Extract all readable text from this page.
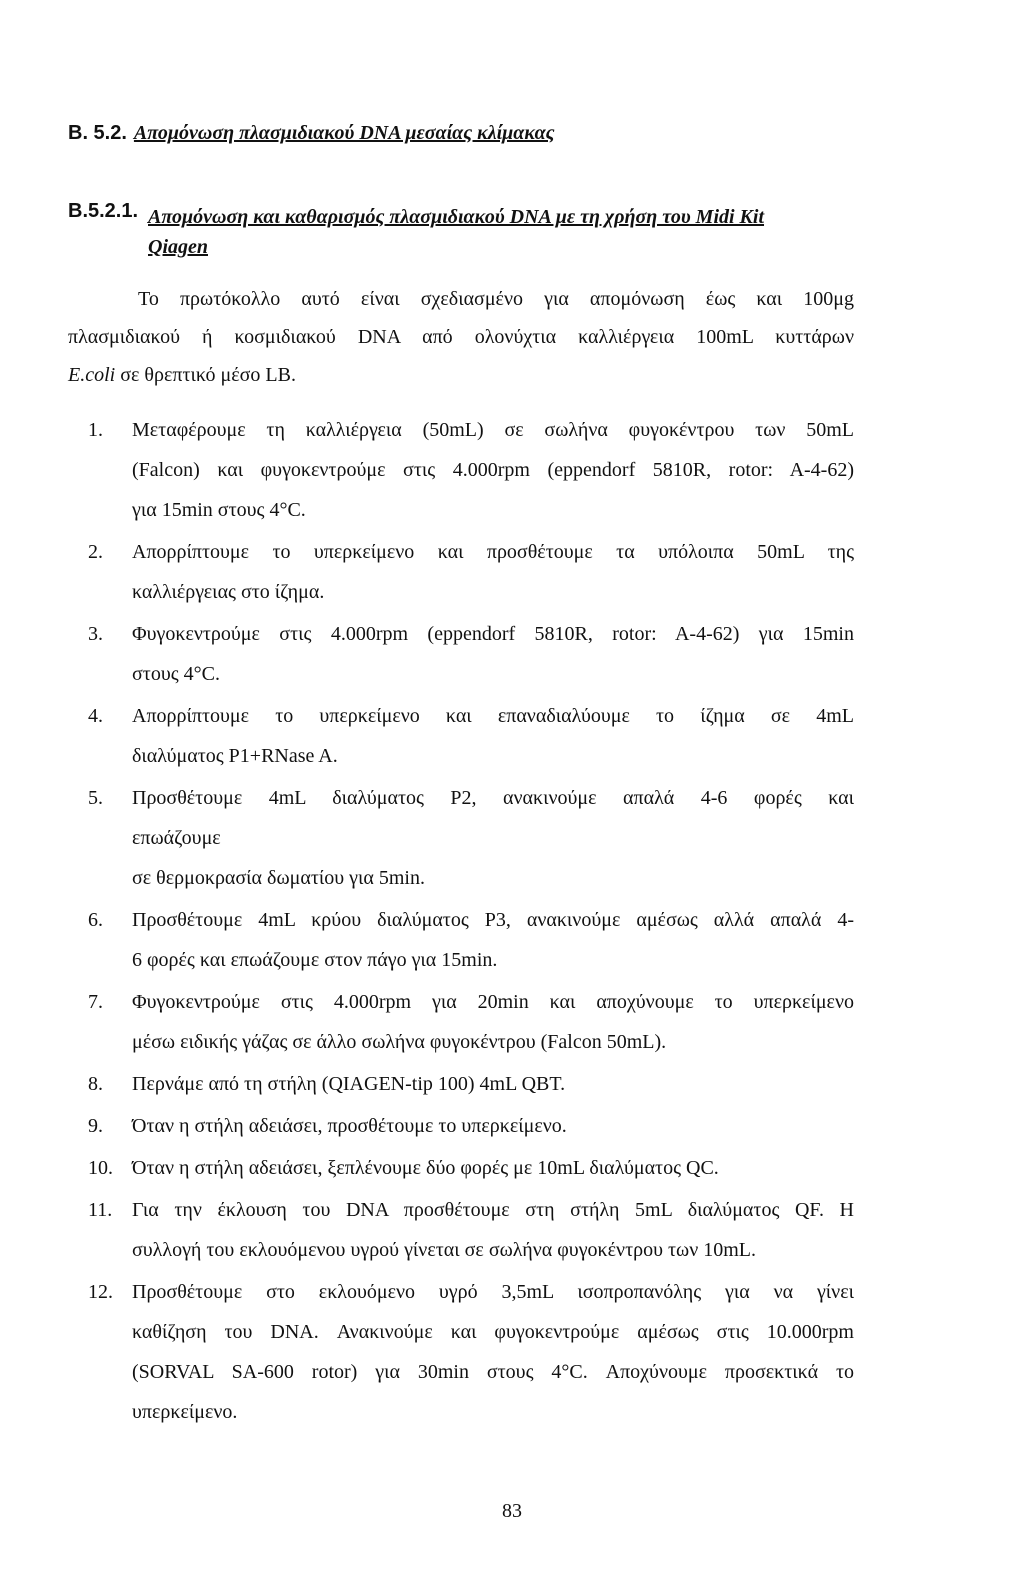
Β. 5.2. Απομόνωση πλασμιδιακού DNA μεσαίας κλίμακας
Β.5.2.1. Απομόνωση και καθαρισμός πλασμιδιακού DNA με τη χρήση του Midi Kit
Qiagen
Το πρωτόκολλο αυτό είναι σχεδιασμένο για απομόνωση έως και 100μg
πλασμιδιακού ή κοσμιδιακού DNA από ολονύχτια καλλιέργεια 100mL κυττάρων
E.coli σε θρεπτικό μέσο LB.
1.	Μεταφέρουμε τη καλλιέργεια (50mL) σε σωλήνα φυγοκέντρου των 50mL
(Falcon) και φυγοκεντρούμε στις 4.000rpm (eppendorf 5810R, rotor: A-4-62)
για 15min στους 4°C.
2.	Απορρίπτουμε το υπερκείμενο και προσθέτουμε τα υπόλοιπα 50mL της
καλλιέργειας στο ίζημα.
3.	Φυγοκεντρούμε στις 4.000rpm (eppendorf 5810R, rotor: A-4-62) για 15min
στους 4°C.
4.	Απορρίπτουμε το υπερκείμενο και επαναδιαλύουμε το ίζημα σε 4mL
διαλύματος P1+RNase A.
5.	Προσθέτουμε 4mL διαλύματος P2, ανακινούμε απαλά 4-6 φορές και
επωάζουμε
σε θερμοκρασία δωματίου για 5min.
6.	Προσθέτουμε 4mL κρύου διαλύματος P3, ανακινούμε αμέσως αλλά απαλά 4-
6 φορές και επωάζουμε στον πάγο για 15min.
7.	Φυγοκεντρούμε στις 4.000rpm για 20min και αποχύνουμε το υπερκείμενο
μέσω ειδικής γάζας σε άλλο σωλήνα φυγοκέντρου (Falcon 50mL).
8.	Περνάμε από τη στήλη (QIAGEN-tip 100) 4mL QBT.
9.	Όταν η στήλη αδειάσει, προσθέτουμε το υπερκείμενο.
10. Όταν η στήλη αδειάσει, ξεπλένουμε δύο φορές με 10mL διαλύματος QC.
11. Για την έκλουση του DNA προσθέτουμε στη στήλη 5mL διαλύματος QF. Η
συλλογή του εκλουόμενου υγρού γίνεται σε σωλήνα φυγοκέντρου των 10mL.
12. Προσθέτουμε στο εκλουόμενο υγρό 3,5mL ισοπροπανόλης για να γίνει
καθίζηση του DNA. Ανακινούμε και φυγοκεντρούμε αμέσως στις 10.000rpm
(SORVAL SA-600 rotor) για 30min στους 4°C. Αποχύνουμε προσεκτικά το
υπερκείμενο.
83
